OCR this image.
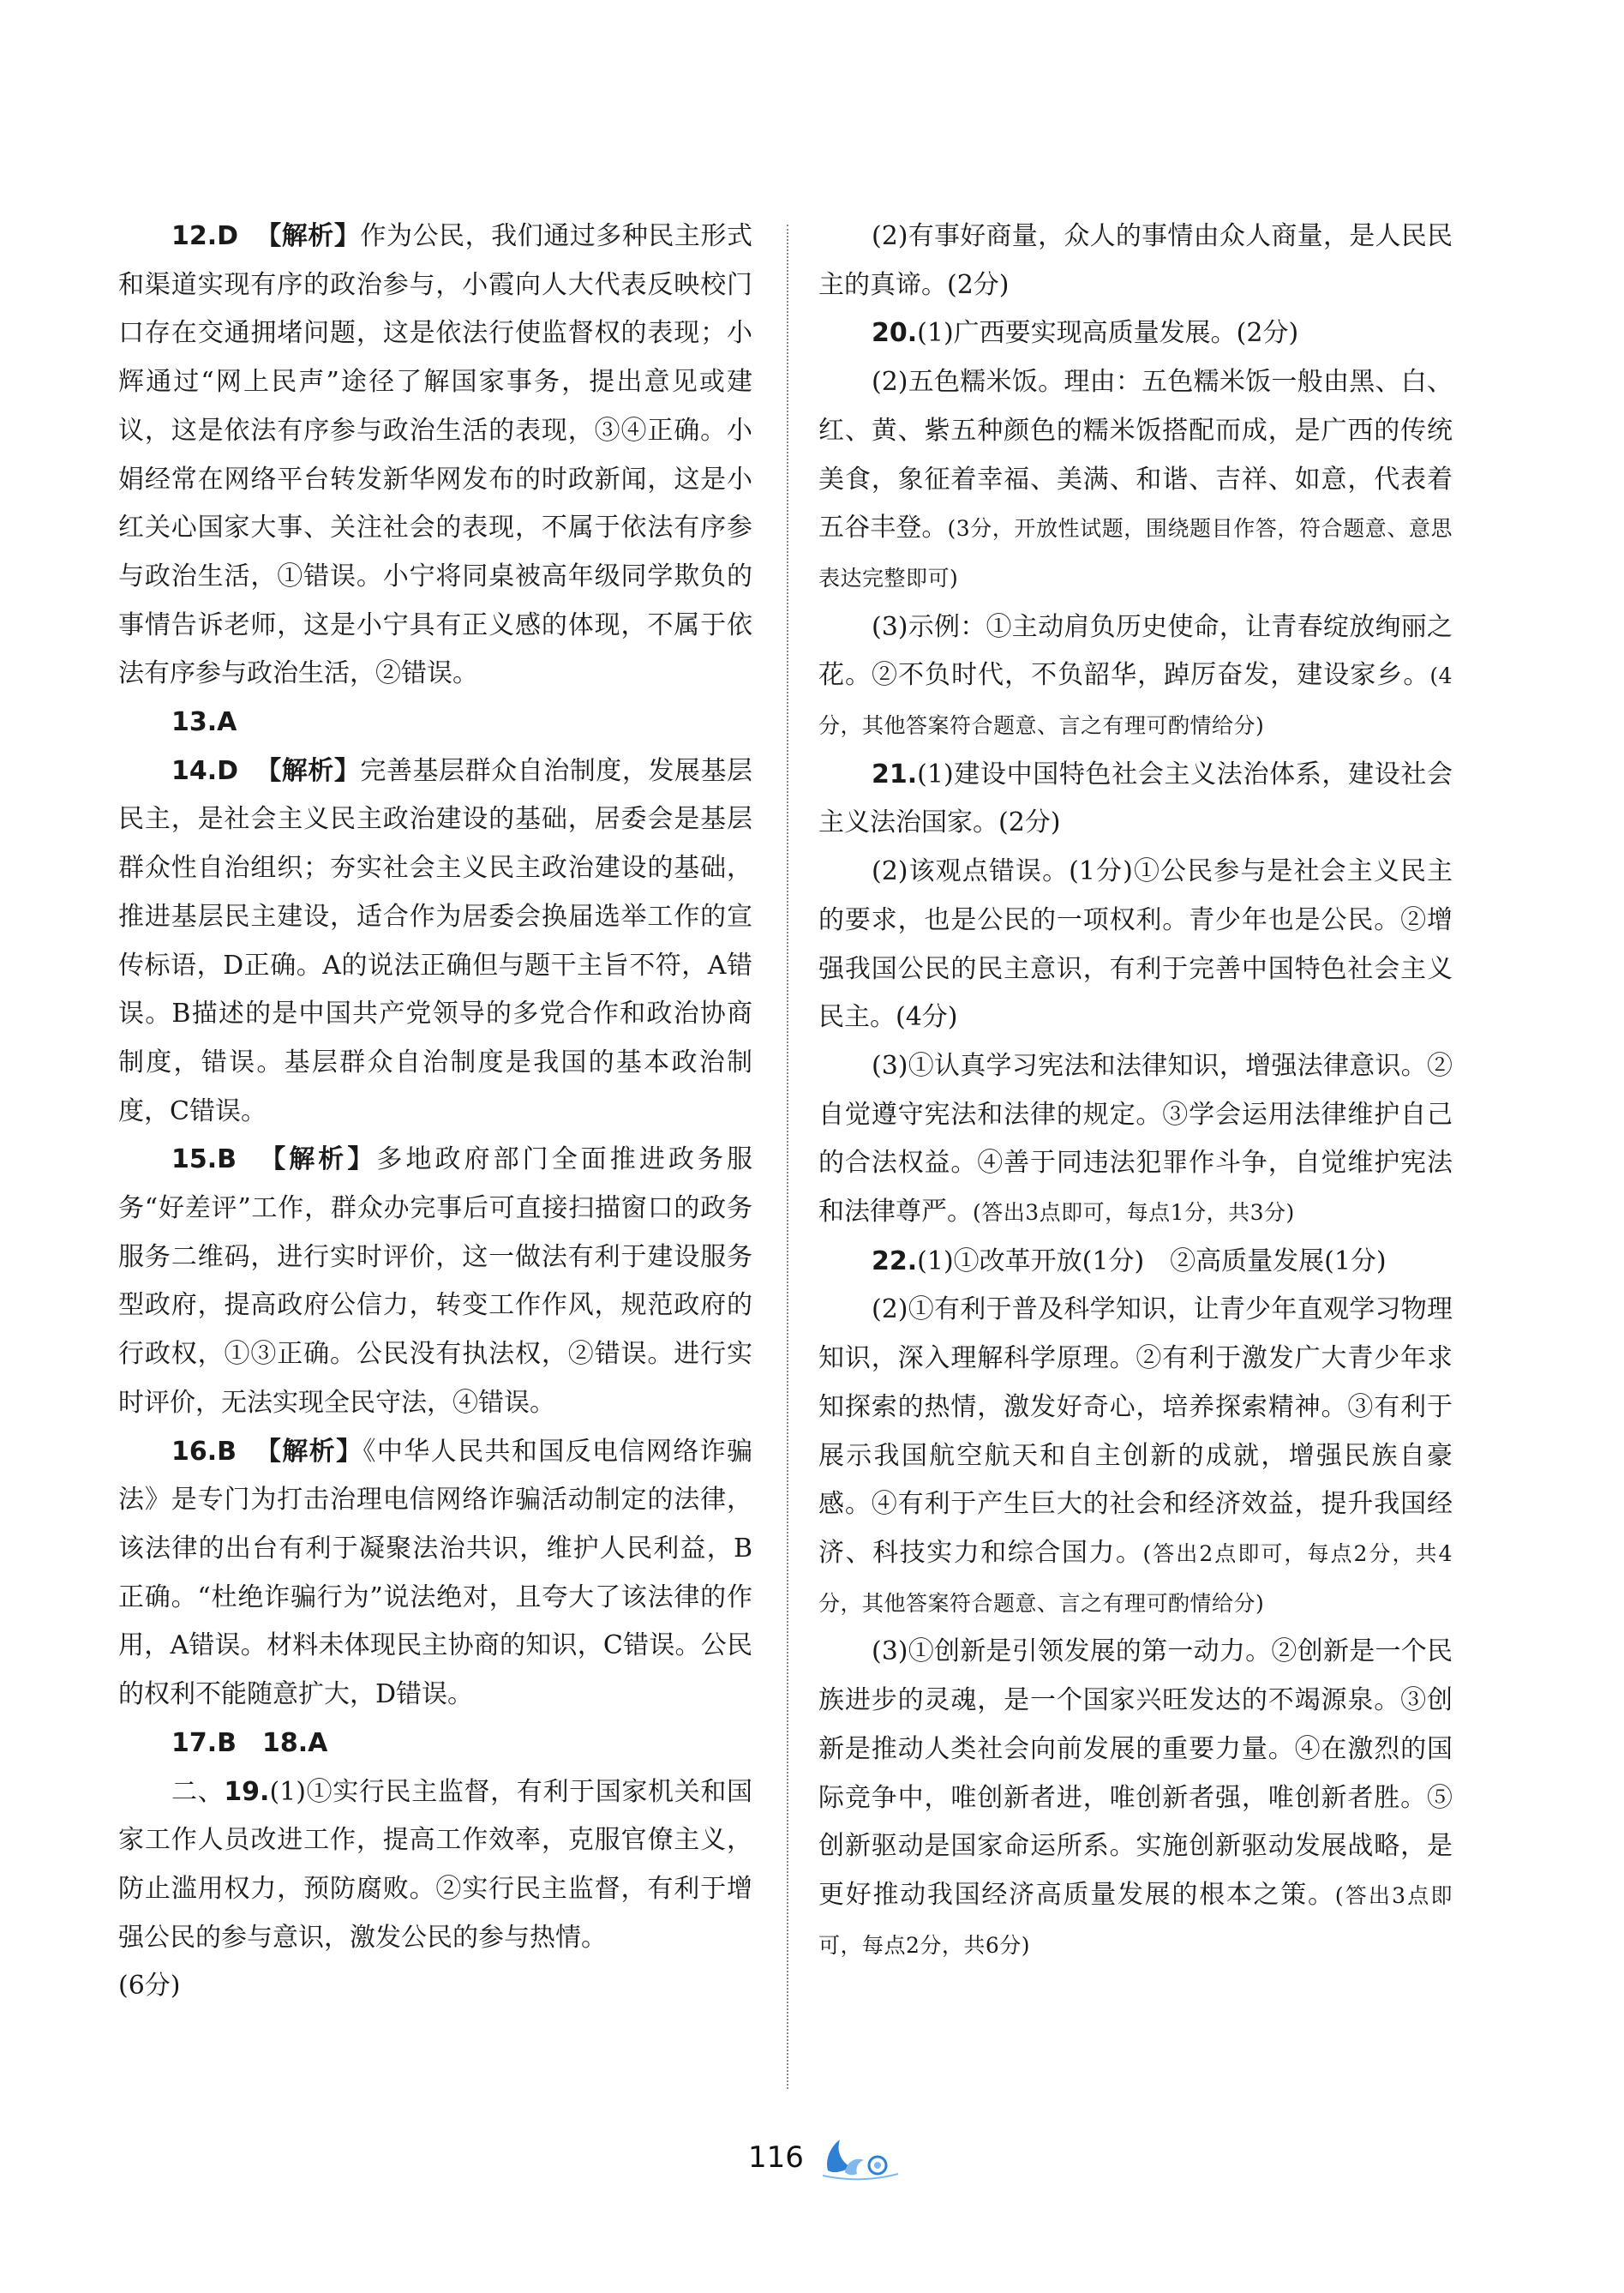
12.D 【解析】作为公民，我们通过多种民主形式和渠道实现有序的政治参与，小霞向人大代表反映校门口存在交通拥堵问题，这是依法行使监督权的表现；小辉通过“网上民声”途径了解国家事务，提出意见或建议，这是依法有序参与政治生活的表现，③④正确。小娟经常在网络平台转发新华网发布的时政新闻，这是小红关心国家大事、关注社会的表现，不属于依法有序参与政治生活，①错误。小宁将同桌被高年级同学欺负的事情告诉老师，这是小宁具有正义感的体现，不属于依法有序参与政治生活，②错误。

13.A

14.D 【解析】完善基层群众自治制度，发展基层民主，是社会主义民主政治建设的基础，居委会是基层群众性自治组织；夯实社会主义民主政治建设的基础，推进基层民主建设，适合作为居委会换届选举工作的宣传标语，D正确。A的说法正确但与题干主旨不符，A错误。B描述的是中国共产党领导的多党合作和政治协商制度，错误。基层群众自治制度是我国的基本政治制度，C错误。

15.B 【解析】多地政府部门全面推进政务服务“好差评”工作，群众办完事后可直接扫描窗口的政务服务二维码，进行实时评价，这一做法有利于建设服务型政府，提高政府公信力，转变工作作风，规范政府的行政权，①③正确。公民没有执法权，②错误。进行实时评价，无法实现全民守法，④错误。

16.B 【解析】《中华人民共和国反电信网络诈骗法》是专门为打击治理电信网络诈骗活动制定的法律，该法律的出台有利于凝聚法治共识，维护人民利益，B正确。“杜绝诈骗行为”说法绝对，且夸大了该法律的作用，A错误。材料未体现民主协商的知识，C错误。公民的权利不能随意扩大，D错误。

17.B　18.A

二、19.(1)①实行民主监督，有利于国家机关和国家工作人员改进工作，提高工作效率，克服官僚主义，防止滥用权力，预防腐败。②实行民主监督，有利于增强公民的参与意识，激发公民的参与热情。

(6分)

(2)有事好商量，众人的事情由众人商量，是人民民主的真谛。(2分)

20.(1)广西要实现高质量发展。(2分)

(2)五色糯米饭。理由：五色糯米饭一般由黑、白、红、黄、紫五种颜色的糯米饭搭配而成，是广西的传统美食，象征着幸福、美满、和谐、吉祥、如意，代表着五谷丰登。(3分，开放性试题，围绕题目作答，符合题意、意思表达完整即可)

(3)示例：①主动肩负历史使命，让青春绽放绚丽之花。②不负时代，不负韶华，踔厉奋发，建设家乡。(4分，其他答案符合题意、言之有理可酌情给分)

21.(1)建设中国特色社会主义法治体系，建设社会主义法治国家。(2分)

(2)该观点错误。(1分)①公民参与是社会主义民主的要求，也是公民的一项权利。青少年也是公民。②增强我国公民的民主意识，有利于完善中国特色社会主义民主。(4分)

(3)①认真学习宪法和法律知识，增强法律意识。②自觉遵守宪法和法律的规定。③学会运用法律维护自己的合法权益。④善于同违法犯罪作斗争，自觉维护宪法和法律尊严。(答出3点即可，每点1分，共3分)

22.(1)①改革开放(1分)　②高质量发展(1分)

(2)①有利于普及科学知识，让青少年直观学习物理知识，深入理解科学原理。②有利于激发广大青少年求知探索的热情，激发好奇心，培养探索精神。③有利于展示我国航空航天和自主创新的成就，增强民族自豪感。④有利于产生巨大的社会和经济效益，提升我国经济、科技实力和综合国力。(答出2点即可，每点2分，共4分，其他答案符合题意、言之有理可酌情给分)

(3)①创新是引领发展的第一动力。②创新是一个民族进步的灵魂，是一个国家兴旺发达的不竭源泉。③创新是推动人类社会向前发展的重要力量。④在激烈的国际竞争中，唯创新者进，唯创新者强，唯创新者胜。⑤创新驱动是国家命运所系。实施创新驱动发展战略，是更好推动我国经济高质量发展的根本之策。(答出3点即可，每点2分，共6分)

116
